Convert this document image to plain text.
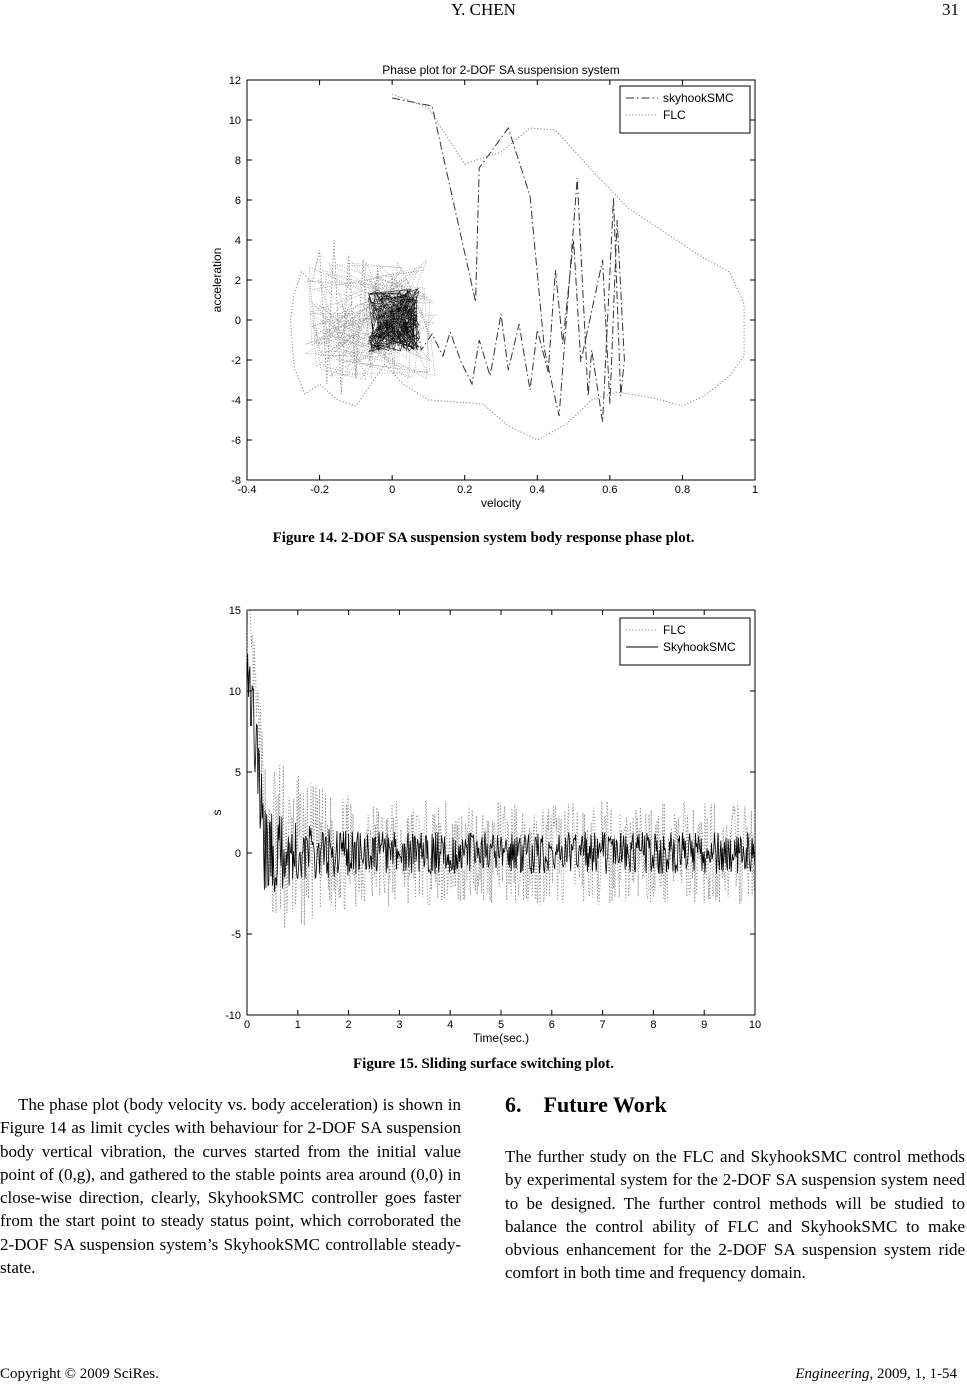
Y. CHEN	31
-0.4	-0.2	0	0.2	0.4	0.6	0.8	1
-8
-6
-4
-2
0
2
4
6
8
10
12
Phase plot for 2-DOF SA suspension system
velocity
acceleration
skyhookSMC
FLC
Figure 14. 2-DOF SA suspension system body response phase plot.
0	1	2	3	4	5	6	7	8	9	10
-10
-5
0
5
10
15
Time(sec.)
s
FLC
SkyhookSMC
Figure 15. Sliding surface switching plot.

The phase plot (body velocity vs. body acceleration) is shown in Figure 14 as limit cycles with behaviour for 2-DOF SA suspension body vertical vibration, the curves started from the initial value point of (0,g), and gathered to the stable points area around (0,0) in close-wise direction, clearly, SkyhookSMC controller goes faster from the start point to steady status point, which corroborated the 2-DOF SA suspension system’s SkyhookSMC controllable steady-state.

6. Future Work

The further study on the FLC and SkyhookSMC control methods by experimental system for the 2-DOF SA suspension system need to be designed. The further control methods will be studied to balance the control ability of FLC and SkyhookSMC to make obvious enhancement for the 2-DOF SA suspension system ride comfort in both time and frequency domain.

Copyright © 2009 SciRes.	Engineering, 2009, 1, 1-54
